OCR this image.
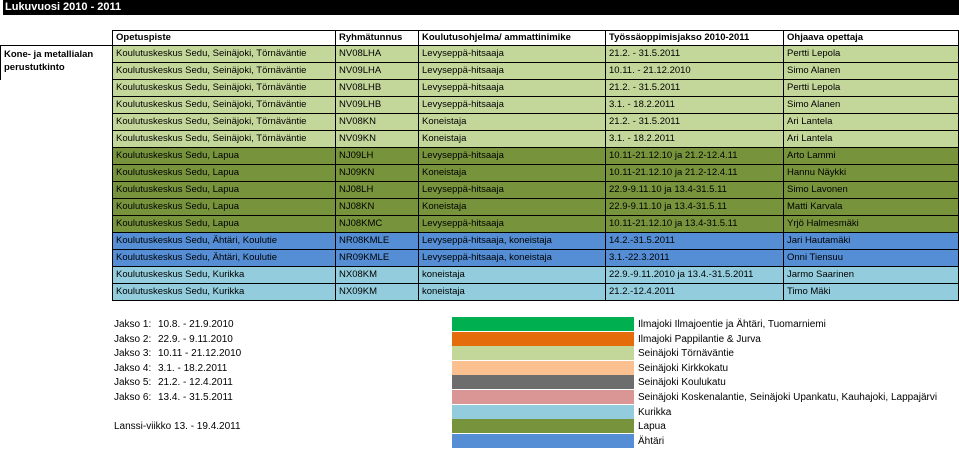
Lukuvuosi 2010 - 2011
	Opetuspiste	Ryhmätunnus	Koulutusohjelma/ ammattinimike	Työssäoppimisjakso 2010-2011	Ohjaava opettaja

Kone- ja metallialan
perustutkinto	Koulutuskeskus Sedu, Seinäjoki, Törnäväntie	NV08LHA	Levyseppä-hitsaaja	21.2. - 31.5.2011	Pertti Lepola
	Koulutuskeskus Sedu, Seinäjoki, Törnäväntie	NV09LHA	Levyseppä-hitsaaja	10.11. - 21.12.2010	Simo Alanen
	Koulutuskeskus Sedu, Seinäjoki, Törnäväntie	NV08LHB	Levyseppä-hitsaaja	21.2. - 31.5.2011	Pertti Lepola
	Koulutuskeskus Sedu, Seinäjoki, Törnäväntie	NV09LHB	Levyseppä-hitsaaja	3.1. - 18.2.2011	Simo Alanen
	Koulutuskeskus Sedu, Seinäjoki, Törnäväntie	NV08KN	Koneistaja	21.2. - 31.5.2011	Ari Lantela
	Koulutuskeskus Sedu, Seinäjoki, Törnäväntie	NV09KN	Koneistaja	3.1. - 18.2.2011	Ari Lantela
	Koulutuskeskus Sedu, Lapua	NJ09LH	Levyseppä-hitsaaja	10.11-21.12.10 ja 21.2-12.4.11	Arto Lammi
	Koulutuskeskus Sedu, Lapua	NJ09KN	Koneistaja	10.11-21.12.10 ja 21.2-12.4.11	Hannu Näykki
	Koulutuskeskus Sedu, Lapua	NJ08LH	Levyseppä-hitsaaja	22.9-9.11.10 ja 13.4-31.5.11	Simo Lavonen
	Koulutuskeskus Sedu, Lapua	NJ08KN	Koneistaja	22.9-9.11.10 ja 13.4-31.5.11	Matti Karvala
	Koulutuskeskus Sedu, Lapua	NJ08KMC	Levyseppä-hitsaaja	10.11-21.12.10 ja 13.4-31.5.11	Yrjö Halmesmäki
	Koulutuskeskus Sedu, Ähtäri, Koulutie	NR08KMLE	Levyseppä-hitsaaja, koneistaja	14.2.-31.5.2011	Jari Hautamäki
	Koulutuskeskus Sedu, Ähtäri, Koulutie	NR09KMLE	Levyseppä-hitsaaja, koneistaja	3.1.-22.3.2011	Onni Tiensuu
	Koulutuskeskus Sedu, Kurikka	NX08KM	koneistaja	22.9.-9.11.2010 ja 13.4.-31.5.2011	Jarmo Saarinen
	Koulutuskeskus Sedu, Kurikka	NX09KM	koneistaja	21.2.-12.4.2011	Timo Mäki
Jakso 1: 10.8. - 21.9.2010
Jakso 2: 22.9. - 9.11.2010
Jakso 3: 10.11 - 21.12.2010
Jakso 4: 3.1. - 18.2.2011
Jakso 5: 21.2. - 12.4.2011
Jakso 6: 13.4. - 31.5.2011
Lanssi-viikko 13. - 19.4.2011
Ilmajoki Ilmajoentie ja Ähtäri, Tuomarniemi
Ilmajoki Pappilantie & Jurva
Seinäjoki Törnäväntie
Seinäjoki Kirkkokatu
Seinäjoki Koulukatu
Seinäjoki Koskenalantie, Seinäjoki Upankatu, Kauhajoki, Lappajärvi
Kurikka
Lapua
Ähtäri
